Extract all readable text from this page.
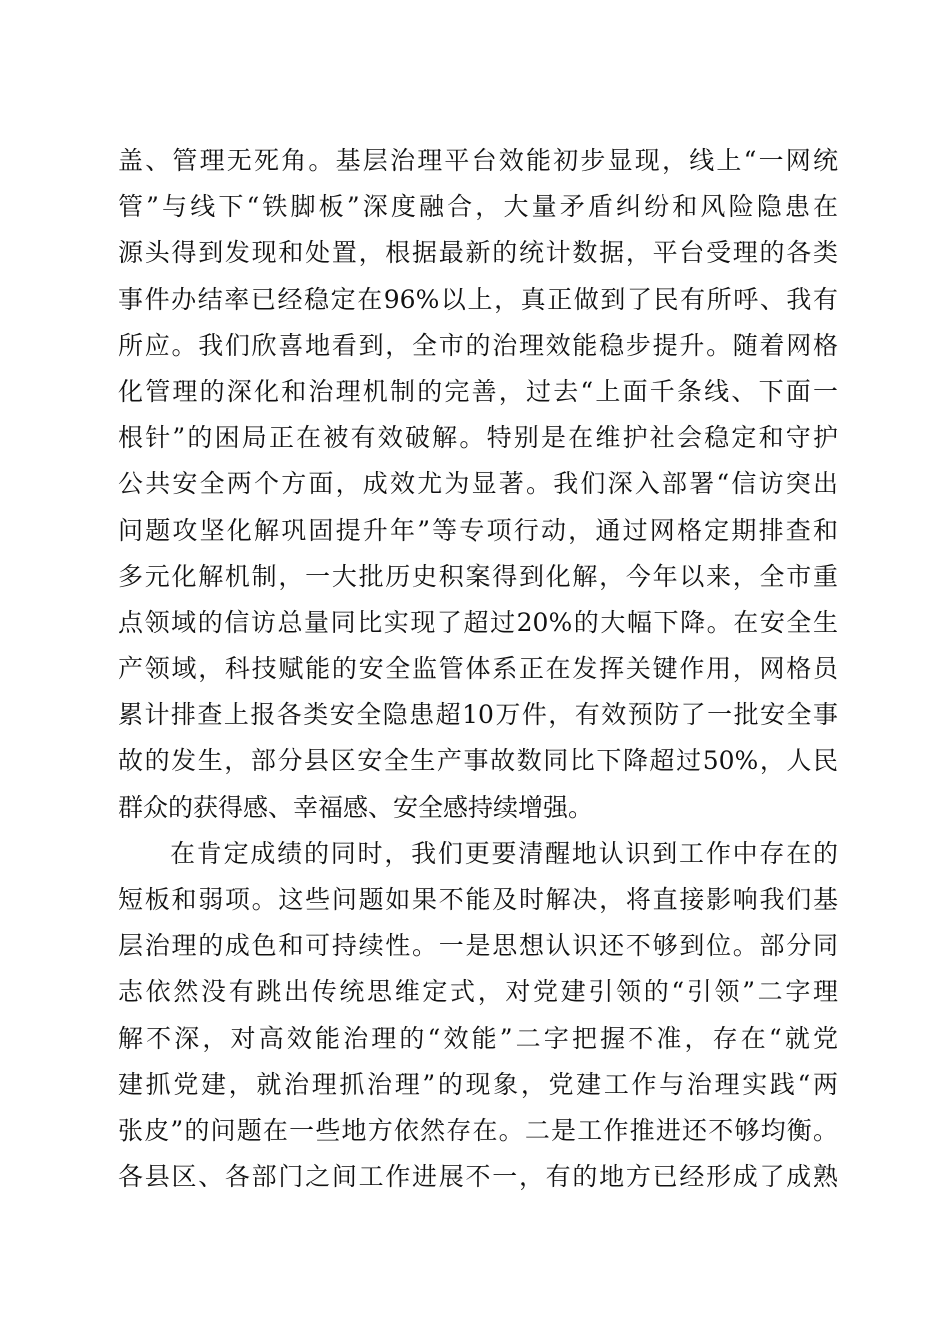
盖、管理无死角。基层治理平台效能初步显现，线上“一网统
管”与线下“铁脚板”深度融合，大量矛盾纠纷和风险隐患在
源头得到发现和处置，根据最新的统计数据，平台受理的各类
事件办结率已经稳定在96%以上，真正做到了民有所呼、我有
所应。我们欣喜地看到，全市的治理效能稳步提升。随着网格
化管理的深化和治理机制的完善，过去“上面千条线、下面一
根针”的困局正在被有效破解。特别是在维护社会稳定和守护
公共安全两个方面，成效尤为显著。我们深入部署“信访突出
问题攻坚化解巩固提升年”等专项行动，通过网格定期排查和
多元化解机制，一大批历史积案得到化解，今年以来，全市重
点领域的信访总量同比实现了超过20%的大幅下降。在安全生
产领域，科技赋能的安全监管体系正在发挥关键作用，网格员
累计排查上报各类安全隐患超10万件，有效预防了一批安全事
故的发生，部分县区安全生产事故数同比下降超过50%，人民
群众的获得感、幸福感、安全感持续增强。
在肯定成绩的同时，我们更要清醒地认识到工作中存在的
短板和弱项。这些问题如果不能及时解决，将直接影响我们基
层治理的成色和可持续性。一是思想认识还不够到位。部分同
志依然没有跳出传统思维定式，对党建引领的“引领”二字理
解不深，对高效能治理的“效能”二字把握不准，存在“就党
建抓党建，就治理抓治理”的现象，党建工作与治理实践“两
张皮”的问题在一些地方依然存在。二是工作推进还不够均衡。
各县区、各部门之间工作进展不一，有的地方已经形成了成熟
